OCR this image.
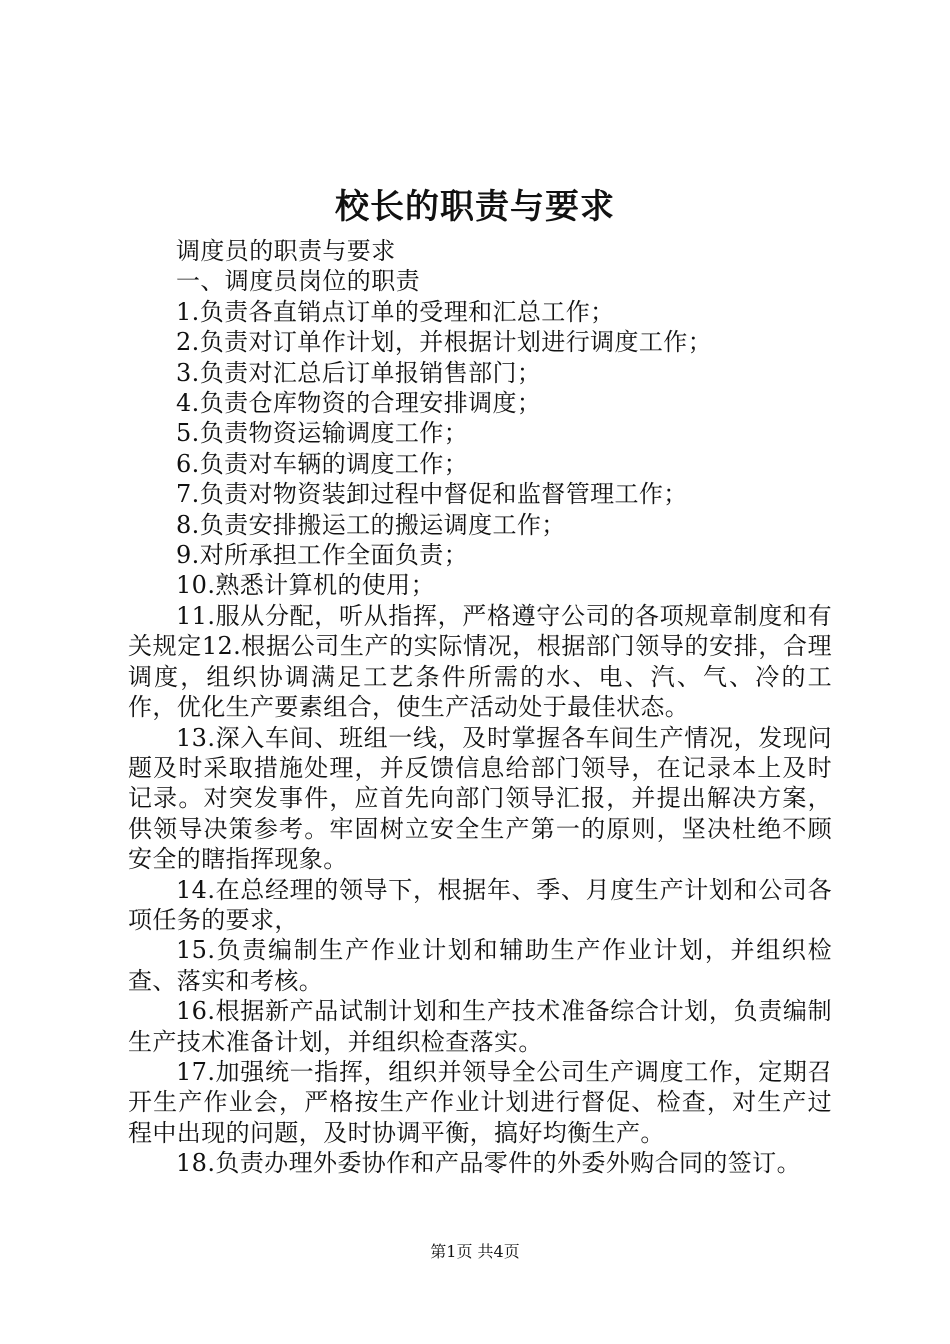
校长的职责与要求

调度员的职责与要求

一、调度员岗位的职责

1.负责各直销点订单的受理和汇总工作；

2.负责对订单作计划，并根据计划进行调度工作；

3.负责对汇总后订单报销售部门；

4.负责仓库物资的合理安排调度；

5.负责物资运输调度工作；

6.负责对车辆的调度工作；

7.负责对物资装卸过程中督促和监督管理工作；

8.负责安排搬运工的搬运调度工作；

9.对所承担工作全面负责；

10.熟悉计算机的使用；

11.服从分配，听从指挥，严格遵守公司的各项规章制度和有关规定12.根据公司生产的实际情况，根据部门领导的安排，合理调度，组织协调满足工艺条件所需的水、电、汽、气、冷的工作，优化生产要素组合，使生产活动处于最佳状态。

13.深入车间、班组一线，及时掌握各车间生产情况，发现问题及时采取措施处理，并反馈信息给部门领导，在记录本上及时记录。对突发事件，应首先向部门领导汇报，并提出解决方案，供领导决策参考。牢固树立安全生产第一的原则，坚决杜绝不顾安全的瞎指挥现象。

14.在总经理的领导下，根据年、季、月度生产计划和公司各项任务的要求，

15.负责编制生产作业计划和辅助生产作业计划，并组织检查、落实和考核。

16.根据新产品试制计划和生产技术准备综合计划，负责编制生产技术准备计划，并组织检查落实。

17.加强统一指挥，组织并领导全公司生产调度工作，定期召开生产作业会，严格按生产作业计划进行督促、检查，对生产过程中出现的问题，及时协调平衡，搞好均衡生产。

18.负责办理外委协作和产品零件的外委外购合同的签订。

第1页 共4页
